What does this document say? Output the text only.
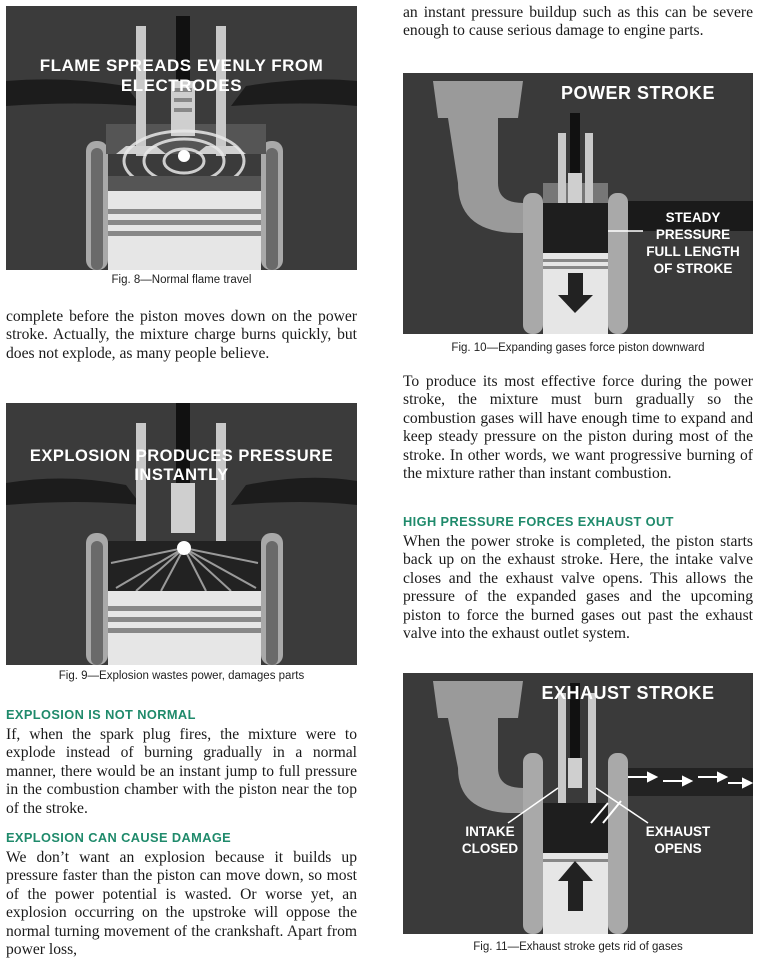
FLAME SPREADS EVENLY FROM ELECTRODES
Fig. 8—Normal flame travel
EXPLOSION PRODUCES PRESSURE INSTANTLY
Fig. 9—Explosion wastes power, damages parts
POWER STROKE
STEADY
PRESSURE
FULL LENGTH
OF STROKE
Fig. 10—Expanding gases force piston downward
EXHAUST STROKE
INTAKE
CLOSED
EXHAUST
OPENS
Fig. 11—Exhaust stroke gets rid of gases

complete before the piston moves down on the power stroke. Actually, the mixture charge burns quickly, but does not explode, as many people believe.

EXPLOSION IS NOT NORMAL

If, when the spark plug fires, the mixture were to explode instead of burning gradually in a normal manner, there would be an instant jump to full pressure in the combustion chamber with the piston near the top of the stroke.

EXPLOSION CAN CAUSE DAMAGE

We don’t want an explosion because it builds up pressure faster than the piston can move down, so most of the power potential is wasted. Or worse yet, an explosion occurring on the upstroke will oppose the normal turning movement of the crankshaft. Apart from power loss,

an instant pressure buildup such as this can be severe enough to cause serious damage to engine parts.

To produce its most effective force during the power stroke, the mixture must burn gradually so the combustion gases will have enough time to expand and keep steady pressure on the piston during most of the stroke. In other words, we want progressive burning of the mixture rather than instant combustion.

HIGH PRESSURE FORCES EXHAUST OUT

When the power stroke is completed, the piston starts back up on the exhaust stroke. Here, the intake valve closes and the exhaust valve opens. This allows the pressure of the expanded gases and the upcoming piston to force the burned gases out past the exhaust valve into the exhaust outlet system.
